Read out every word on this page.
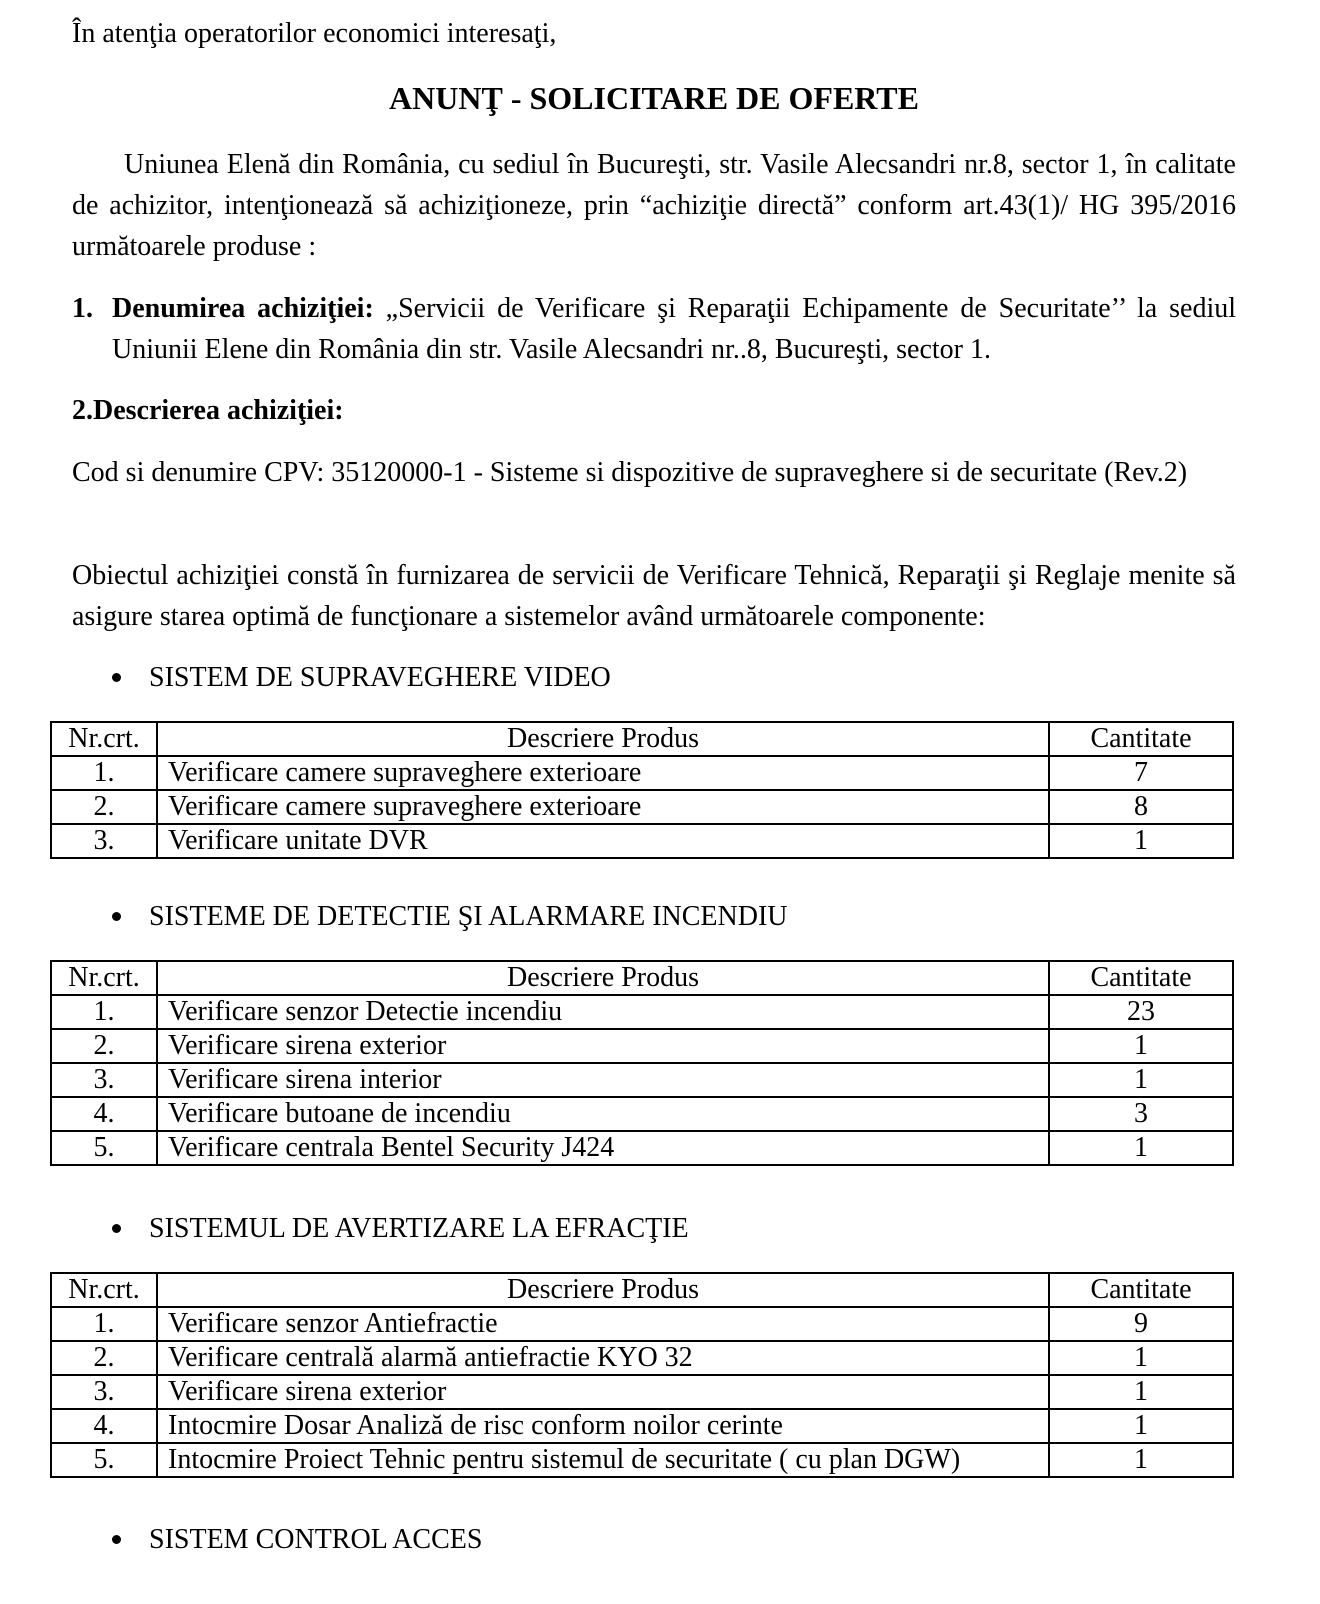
În atenţia operatorilor economici interesaţi,
ANUNŢ - SOLICITARE DE OFERTE

Uniunea Elenă din România, cu sediul în Bucureşti, str. Vasile Alecsandri nr.8, sector 1, în calitate de achizitor, intenţionează să achiziţioneze, prin “achiziţie directă” conform art.43(1)/ HG 395/2016 următoarele produse :

1. Denumirea achiziţiei: „Servicii de Verificare şi Reparaţii Echipamente de Securitate’’ la sediul Uniunii Elene din România din str. Vasile Alecsandri nr..8, Bucureşti, sector 1.
2.Descrierea achiziţiei:

Cod si denumire CPV: 35120000-1 - Sisteme si dispozitive de supraveghere si de securitate (Rev.2)

Obiectul achiziţiei constă în furnizarea de servicii de Verificare Tehnică, Reparaţii şi Reglaje menite să asigure starea optimă de funcţionare a sistemelor având următoarele componente:

SISTEM DE SUPRAVEGHERE VIDEO
Nr.crt.	Descriere Produs	Cantitate
1.	Verificare camere supraveghere exterioare	7
2.	Verificare camere supraveghere exterioare	8
3.	Verificare unitate DVR	1
SISTEME DE DETECTIE ŞI ALARMARE INCENDIU
Nr.crt.	Descriere Produs	Cantitate
1.	Verificare senzor Detectie incendiu	23
2.	Verificare sirena exterior	1
3.	Verificare sirena interior	1
4.	Verificare butoane de incendiu	3
5.	Verificare centrala Bentel Security J424	1
SISTEMUL DE AVERTIZARE LA EFRACŢIE
Nr.crt.	Descriere Produs	Cantitate
1.	Verificare senzor Antiefractie	9
2.	Verificare centrală alarmă antiefractie KYO 32	1
3.	Verificare sirena exterior	1
4.	Intocmire Dosar Analiză de risc conform noilor cerinte	1
5.	Intocmire Proiect Tehnic pentru sistemul de securitate ( cu plan DGW)	1
SISTEM CONTROL ACCES
